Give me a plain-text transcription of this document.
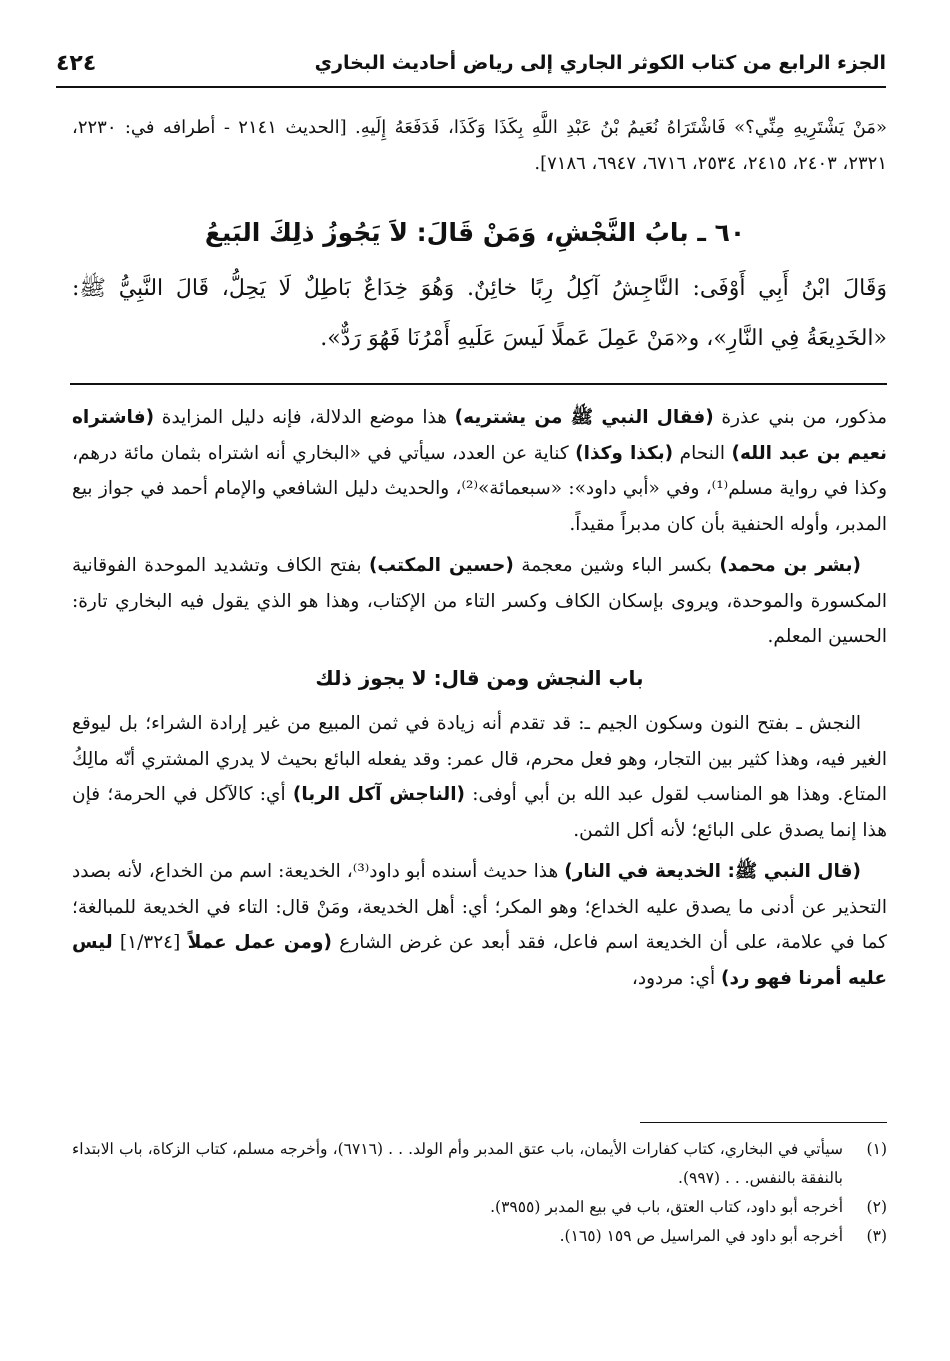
الجزء الرابع من كتاب الكوثر الجاري إلى رياض أحاديث البخاري
٤٢٤
«مَنْ يَشْتَرِيهِ مِنِّي؟» فَاشْتَرَاهُ نُعَيمُ بْنُ عَبْدِ اللَّهِ بِكَذَا وَكَذَا، فَدَفَعَهُ إِلَيهِ. [الحديث ٢١٤١ - أطرافه في: ٢٢٣٠، ٢٣٢١، ٢٤٠٣، ٢٤١٥، ٢٥٣٤، ٦٧١٦، ٦٩٤٧، ٧١٨٦].
٦٠ ـ بابُ النَّجْشِ، وَمَنْ قَالَ: لاَ يَجُوزُ ذلِكَ البَيعُ
وَقَالَ ابْنُ أَبِي أَوْفَى: النَّاجِشُ آكِلُ رِبًا خائِنٌ. وَهُوَ خِدَاعٌ بَاطِلٌ لَا يَحِلُّ، قَالَ النَّبِيُّ ﷺ: «الخَدِيعَةُ فِي النَّارِ»، و«مَنْ عَمِلَ عَملًا لَيسَ عَلَيهِ أَمْرُنَا فَهُوَ رَدٌّ».

مذكور، من بني عذرة (فقال النبي ﷺ من يشتريه) هذا موضع الدلالة، فإنه دليل المزايدة (فاشتراه نعيم بن عبد الله) النحام (بكذا وكذا) كناية عن العدد، سيأتي في «البخاري أنه اشتراه بثمان مائة درهم، وكذا في رواية مسلم⁽¹⁾، وفي «أبي داود»: «سبعمائة»⁽²⁾، والحديث دليل الشافعي والإمام أحمد في جواز بيع المدبر، وأوله الحنفية بأن كان مدبراً مقيداً.

(بشر بن محمد) بكسر الباء وشين معجمة (حسين المكتب) بفتح الكاف وتشديد الموحدة الفوقانية المكسورة والموحدة، ويروى بإسكان الكاف وكسر التاء من الإكتاب، وهذا هو الذي يقول فيه البخاري تارة: الحسين المعلم.

باب النجش ومن قال: لا يجوز ذلك

النجش ـ بفتح النون وسكون الجيم ـ: قد تقدم أنه زيادة في ثمن المبيع من غير إرادة الشراء؛ بل ليوقع الغير فيه، وهذا كثير بين التجار، وهو فعل محرم، قال عمر: وقد يفعله البائع بحيث لا يدري المشتري أنّه مالِكُ المتاع. وهذا هو المناسب لقول عبد الله بن أبي أوفى: (الناجش آكل الربا) أي: كالآكل في الحرمة؛ فإن هذا إنما يصدق على البائع؛ لأنه أكل الثمن.

(قال النبي ﷺ: الخديعة في النار) هذا حديث أسنده أبو داود⁽³⁾، الخديعة: اسم من الخداع، لأنه بصدد التحذير عن أدنى ما يصدق عليه الخداع؛ وهو المكر؛ أي: أهل الخديعة، ومَنْ قال: التاء في الخديعة للمبالغة؛ كما في علامة، على أن الخديعة اسم فاعل، فقد أبعد عن غرض الشارع (ومن عمل عملاً [١/٣٢٤] ليس عليه أمرنا فهو رد) أي: مردود،

(١)
سيأتي في البخاري، كتاب كفارات الأيمان، باب عتق المدبر وأم الولد. . . (٦٧١٦)، وأخرجه مسلم، كتاب الزكاة، باب الابتداء بالنفقة بالنفس. . . (٩٩٧).
(٢)
أخرجه أبو داود، كتاب العتق، باب في بيع المدبر (٣٩٥٥).
(٣)
أخرجه أبو داود في المراسيل ص ١٥٩ (١٦٥).
